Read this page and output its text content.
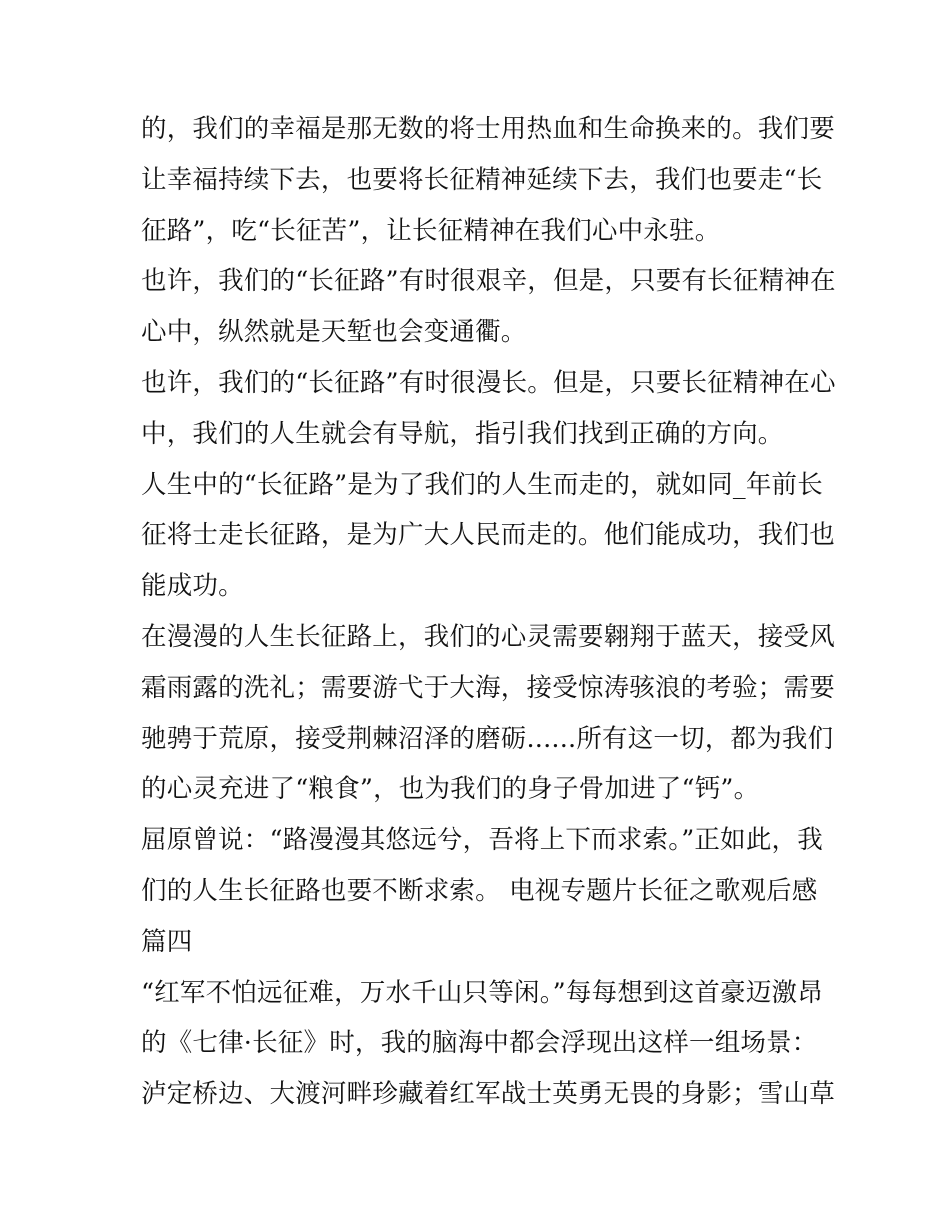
的，我们的幸福是那无数的将士用热血和生命换来的。我们要
让幸福持续下去，也要将长征精神延续下去，我们也要走“长
征路”，吃“长征苦”，让长征精神在我们心中永驻。
也许，我们的“长征路”有时很艰辛，但是，只要有长征精神在
心中，纵然就是天堑也会变通衢。
也许，我们的“长征路”有时很漫长。但是，只要长征精神在心
中，我们的人生就会有导航，指引我们找到正确的方向。
人生中的“长征路”是为了我们的人生而走的，就如同_年前长
征将士走长征路，是为广大人民而走的。他们能成功，我们也
能成功。
在漫漫的人生长征路上，我们的心灵需要翱翔于蓝天，接受风
霜雨露的洗礼；需要游弋于大海，接受惊涛骇浪的考验；需要
驰骋于荒原，接受荆棘沼泽的磨砺......所有这一切，都为我们
的心灵充进了“粮食”，也为我们的身子骨加进了“钙”。
屈原曾说：“路漫漫其悠远兮，吾将上下而求索。”正如此，我
们的人生长征路也要不断求索。 电视专题片长征之歌观后感
篇四
“红军不怕远征难，万水千山只等闲。”每每想到这首豪迈激昂
的《七律·长征》时，我的脑海中都会浮现出这样一组场景：
泸定桥边、大渡河畔珍藏着红军战士英勇无畏的身影；雪山草
